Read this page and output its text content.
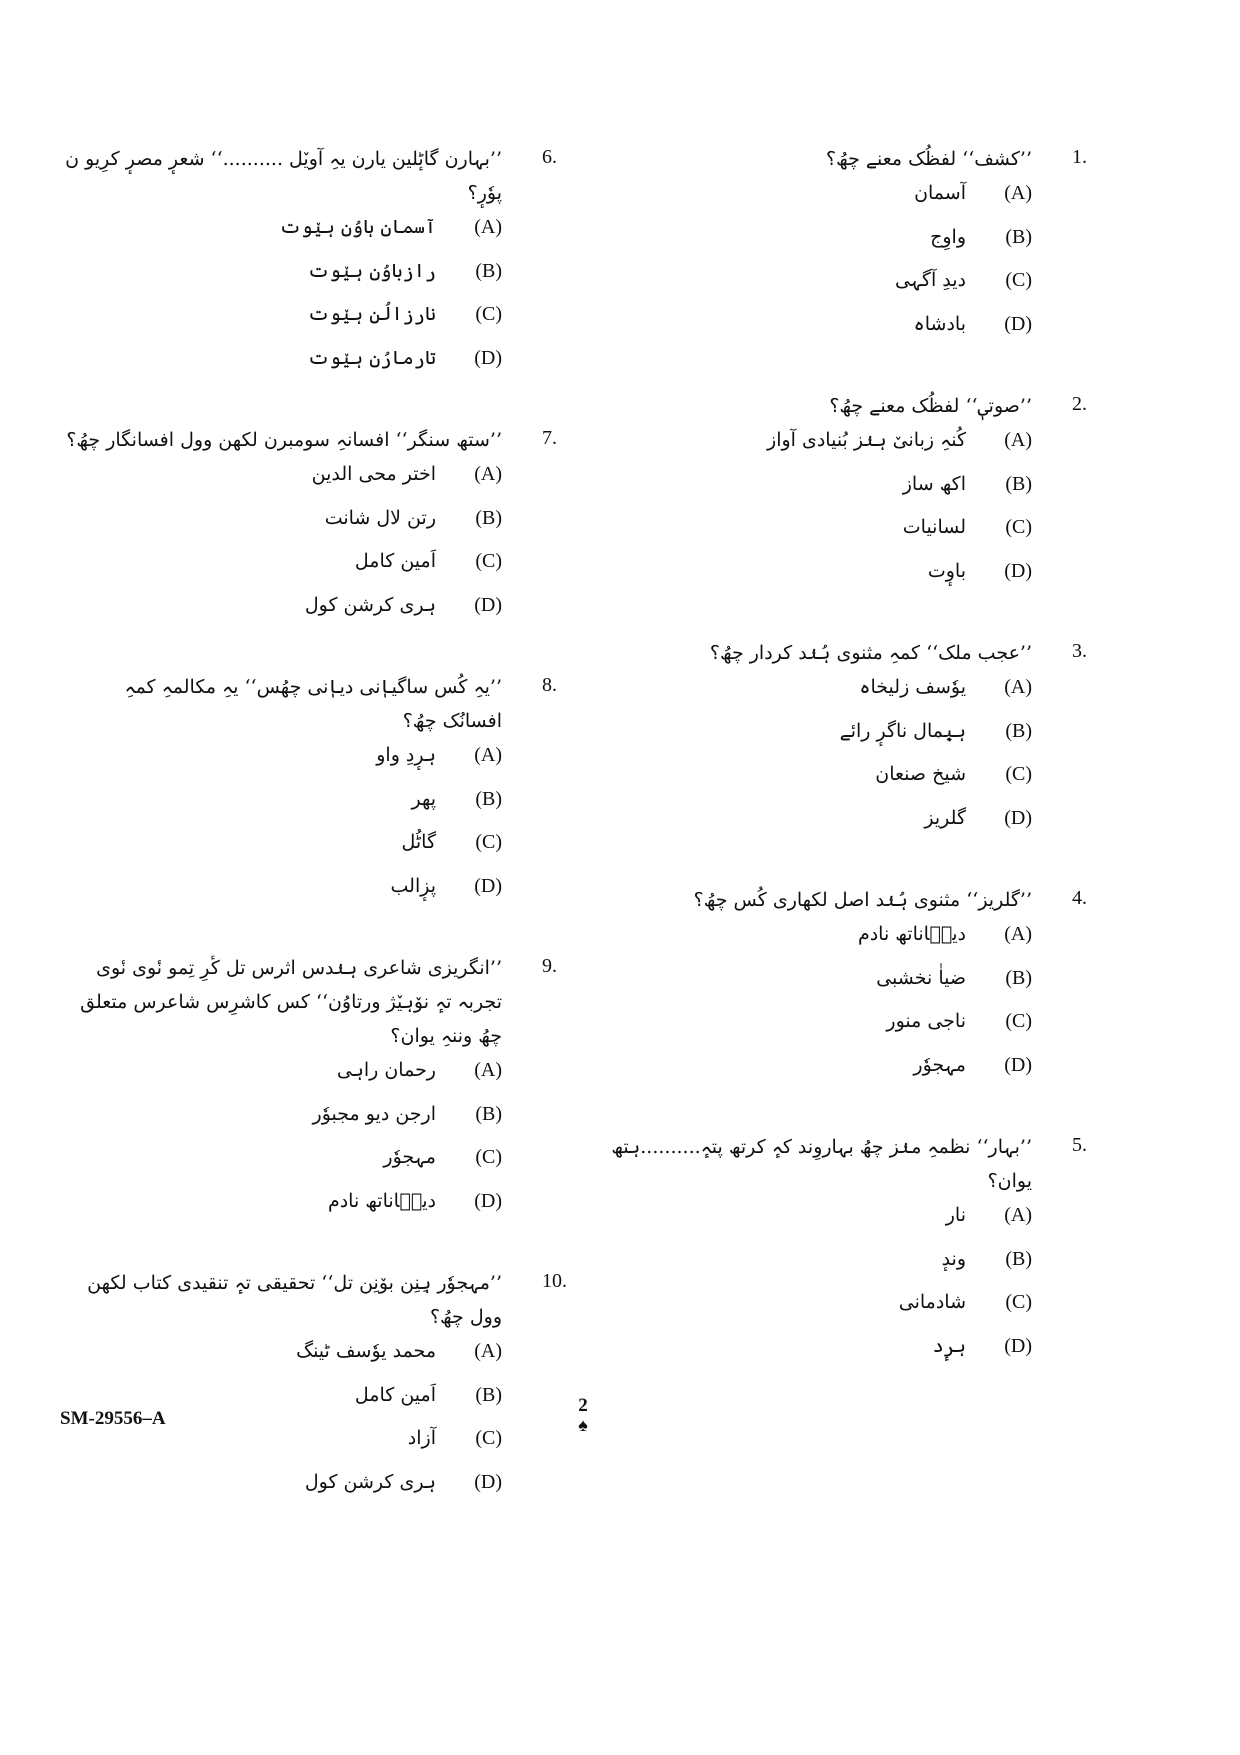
1.
’’کشف‘‘ لفظُک معنے چھُ؟
(A)
آسمان
(B)
واوِج
(C)
دیدِ آگہی
(D)
بادشاہ
2.
’’صوتیٖ‘‘ لفظُک معنے چھُ؟
(A)
کُنہِ زبانیٚ ہنٛز بُنیادی آواز
(B)
اکھ ساز
(C)
لسانیات
(D)
باوٕت
3.
’’عجب ملک‘‘ کمہِ مثنوی ہُنٛد کردار چھُ؟
(A)
یوٗسف زلیخاہ
(B)
ہیٖمال ناگرٕ رائے
(C)
شیخ صنعان
(D)
گلریز
4.
’’گلریز‘‘ مثنوی ہُنٛد اصل لکھاری کُس چھُ؟
(A)
دینٛاناتھ نادم
(B)
ضیاٰ نخشبی
(C)
ناجی منور
(D)
مہجوٗر
5.
’’بہار‘‘ نظمہِ منٛز چھُ بہاروِند کہٕ کرتھ پتہٕ..........ہتھ یوان؟
(A)
نار
(B)
وندٕ
(C)
شادمانی
(D)
ہرٕد
6.
’’بہارن گاٹٕلین یارن یہِ آویٚل ..........‘‘ شعرٕ مصرٕ کرِیو ن پوٗرٕ؟
(A)
آسمان ہاوُن ہیٚوت
(B)
رازباوُن ہیٚوت
(C)
نارزالُن ہیٚوت
(D)
تارمارُن ہیٚوت
7.
’’ستھ سنگر‘‘ افسانہِ سومبرن لکھن وول افسانگار چھُ؟
(A)
اختر محی الدین
(B)
رتن لال شانت
(C)
اَمین کامل
(D)
ہری کرشن کول
8.
’’یہِ کُس ساگیاٖنی دیاٖنی چھُس‘‘ یہِ مکالمہِ کمہِ افسانُک چھُ؟
(A)
ہرٕدِ واو
(B)
پھر
(C)
گاٹُل
(D)
پزٕالب
9.
’’انگریزی شاعری ہنٛدس اثرس تل کٔرِ تِمو نٔوی نٔوی تجربہ تہٕ نوٚہیٚژ ورتاوُن‘‘ کس کاشرِس شاعرس متعلق چھُ وننہِ یوان؟
(A)
رحمان راہی
(B)
ارجن دیو مجبوٗر
(C)
مہجوٗر
(D)
دینٛاناتھ نادم
10.
’’مہجوٗر ہِنِن بوٚنِن تل‘‘ تحقیقی تہٕ تنقیدی کتاب لکھن وول چھُ؟
(A)
محمد یوٗسف ٹینگ
(B)
اَمین کامل
(C)
آزاد
(D)
ہری کرشن کول
SM-29556–A
2
♠
